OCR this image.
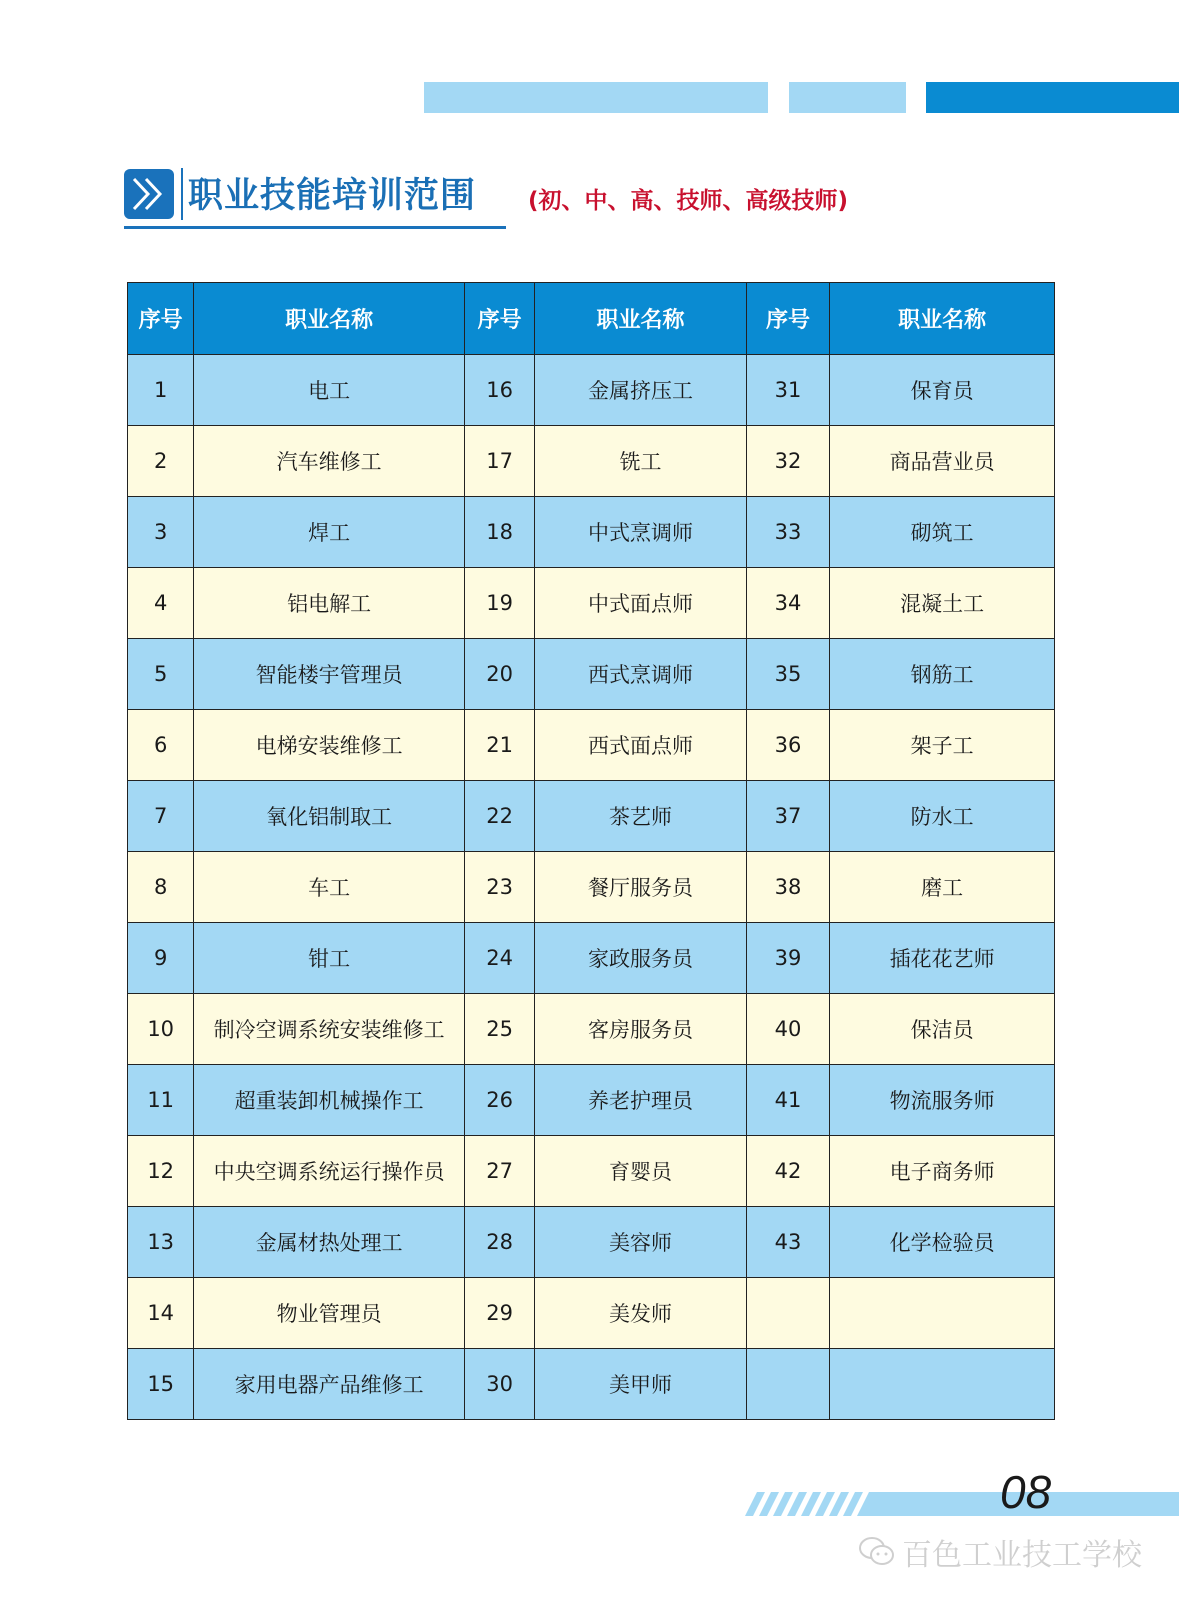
职业技能培训范围 (初、中、高、技师、高级技师)
序号	职业名称	序号	职业名称	序号	职业名称
1	电工	16	金属挤压工	31	保育员
2	汽车维修工	17	铣工	32	商品营业员
3	焊工	18	中式烹调师	33	砌筑工
4	铝电解工	19	中式面点师	34	混凝土工
5	智能楼宇管理员	20	西式烹调师	35	钢筋工
6	电梯安装维修工	21	西式面点师	36	架子工
7	氧化铝制取工	22	茶艺师	37	防水工
8	车工	23	餐厅服务员	38	磨工
9	钳工	24	家政服务员	39	插花花艺师
10	制冷空调系统安装维修工	25	客房服务员	40	保洁员
11	超重装卸机械操作工	26	养老护理员	41	物流服务师
12	中央空调系统运行操作员	27	育婴员	42	电子商务师
13	金属材热处理工	28	美容师	43	化学检验员
14	物业管理员	29	美发师		
15	家用电器产品维修工	30	美甲师		
08
百色工业技工学校
